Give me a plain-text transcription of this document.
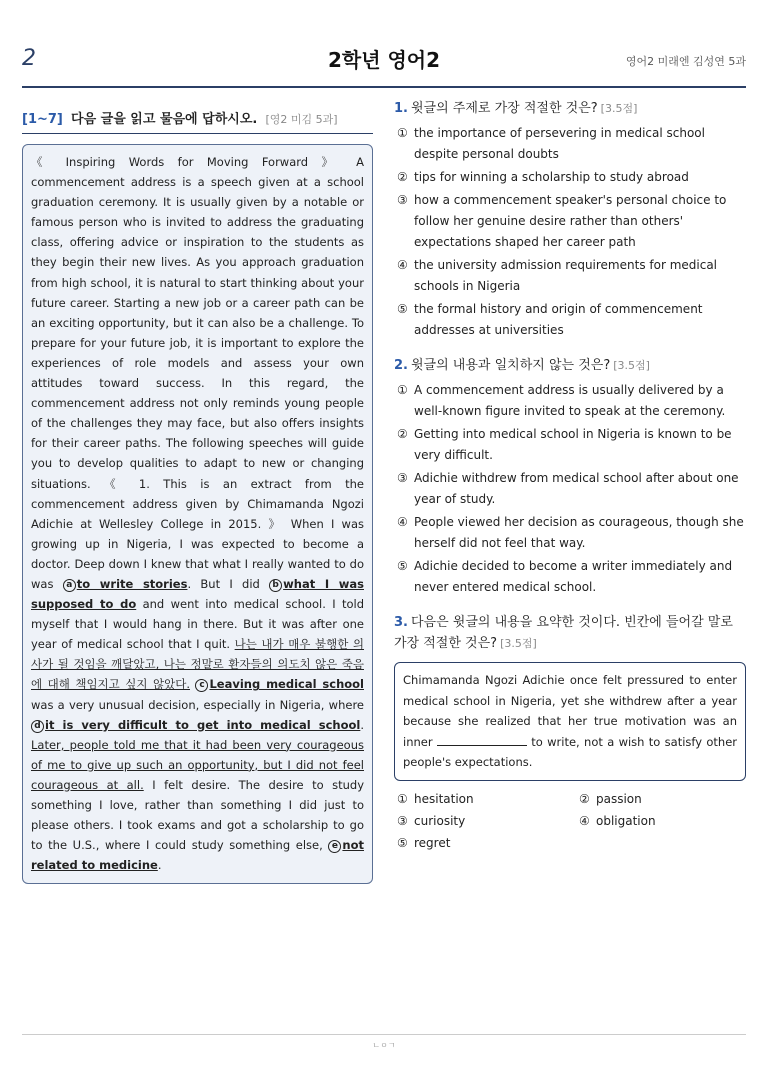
2	2학년 영어2	영어2 미래엔 김성연 5과
[1~7] 다음 글을 읽고 물음에 답하시오. [영2 미김 5과]
《 Inspiring Words for Moving Forward 》 A commencement address is a speech given at a school graduation ceremony. It is usually given by a notable or famous person who is invited to address the graduating class, offering advice or inspiration to the students as they begin their new lives. As you approach graduation from high school, it is natural to start thinking about your future career. Starting a new job or a career path can be an exciting opportunity, but it can also be a challenge. To prepare for your future job, it is important to explore the experiences of role models and assess your own attitudes toward success. In this regard, the commencement address not only reminds young people of the challenges they may face, but also offers insights for their career paths. The following speeches will guide you to develop qualities to adapt to new or changing situations. 《 1. This is an extract from the commencement address given by Chimamanda Ngozi Adichie at Wellesley College in 2015. 》 When I was growing up in Nigeria, I was expected to become a doctor. Deep down I knew that what I really wanted to do was a to write stories. But I did b what I was supposed to do and went into medical school. I told myself that I would hang in there. But it was after one year of medical school that I quit. 나는 내가 매우 불행한 의사가 될 것임을 깨달았고, 나는 정말로 환자들의 의도치 않은 죽음에 대해 책임지고 싶지 않았다. c Leaving medical school was a very unusual decision, especially in Nigeria, where d it is very difficult to get into medical school. Later, people told me that it had been very courageous of me to give up such an opportunity, but I did not feel courageous at all. I felt desire. The desire to study something I love, rather than something I did just to please others. I took exams and got a scholarship to go to the U.S., where I could study something else, e not related to medicine.
1. 윗글의 주제로 가장 적절한 것은? [3.5점]
① the importance of persevering in medical school despite personal doubts
② tips for winning a scholarship to study abroad
③ how a commencement speaker's personal choice to follow her genuine desire rather than others' expectations shaped her career path
④ the university admission requirements for medical schools in Nigeria
⑤ the formal history and origin of commencement addresses at universities
2. 윗글의 내용과 일치하지 않는 것은? [3.5점]
① A commencement address is usually delivered by a well-known figure invited to speak at the ceremony.
② Getting into medical school in Nigeria is known to be very difficult.
③ Adichie withdrew from medical school after about one year of study.
④ People viewed her decision as courageous, though she herself did not feel that way.
⑤ Adichie decided to become a writer immediately and never entered medical school.
3. 다음은 윗글의 내용을 요약한 것이다. 빈칸에 들어갈 말로 가장 적절한 것은? [3.5점]
Chimamanda Ngozi Adichie once felt pressured to enter medical school in Nigeria, yet she withdrew after a year because she realized that her true motivation was an inner	to write, not a wish to satisfy other people's expectations.
① hesitation	② passion
③ curiosity	④ obligation
⑤ regret
ㄴㅇㄱ
